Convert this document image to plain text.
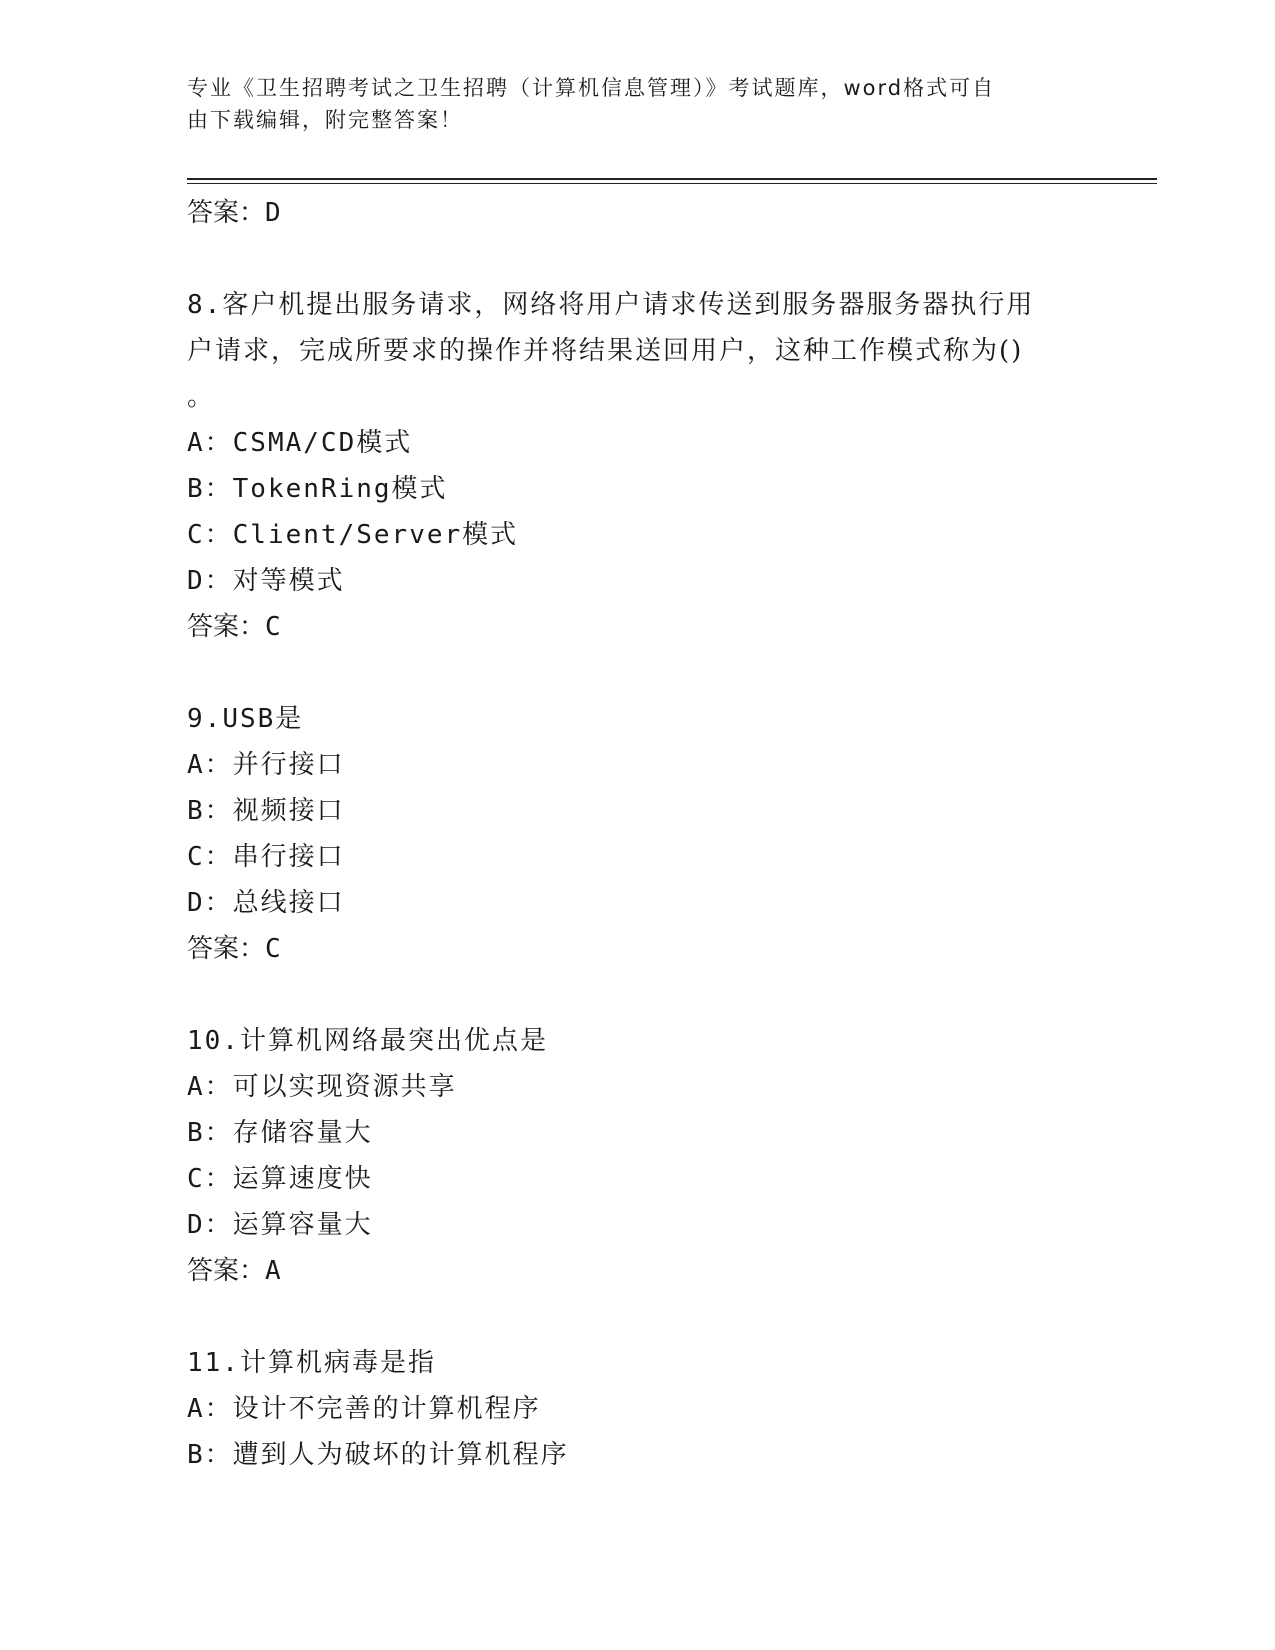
专业《卫生招聘考试之卫生招聘（计算机信息管理）》考试题库，word格式可自
由下载编辑，附完整答案！
答案：D
8.客户机提出服务请求，网络将用户请求传送到服务器服务器执行用
户请求，完成所要求的操作并将结果送回用户，这种工作模式称为()
。
A：CSMA/CD模式
B：TokenRing模式
C：Client/Server模式
D：对等模式
答案：C
9.USB是
A：并行接口
B：视频接口
C：串行接口
D：总线接口
答案：C
10.计算机网络最突出优点是
A：可以实现资源共享
B：存储容量大
C：运算速度快
D：运算容量大
答案：A
11.计算机病毒是指
A：设计不完善的计算机程序
B：遭到人为破坏的计算机程序
